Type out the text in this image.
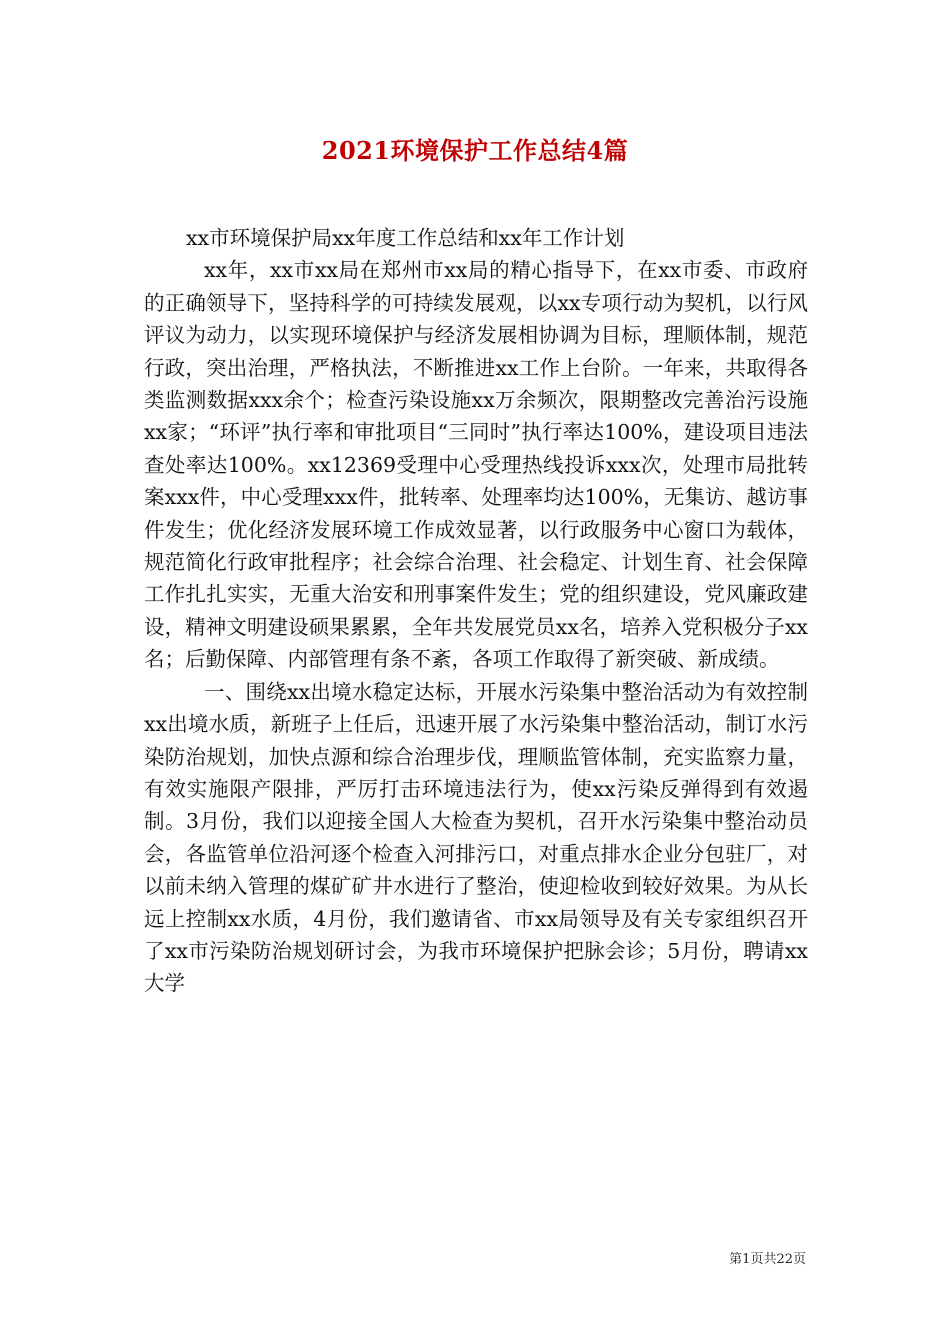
2021环境保护工作总结4篇

xx市环境保护局xx年度工作总结和xx年工作计划

xx年，xx市xx局在郑州市xx局的精心指导下，在xx市委、市政府的正确领导下，坚持科学的可持续发展观，以xx专项行动为契机，以行风评议为动力，以实现环境保护与经济发展相协调为目标，理顺体制，规范行政，突出治理，严格执法，不断推进xx工作上台阶。一年来，共取得各类监测数据xxx余个；检查污染设施xx万余频次，限期整改完善治污设施xx家；“环评”执行率和审批项目“三同时”执行率达100%，建设项目违法查处率达100%。xx12369受理中心受理热线投诉xxx次，处理市局批转案xxx件，中心受理xxx件，批转率、处理率均达100%，无集访、越访事件发生；优化经济发展环境工作成效显著，以行政服务中心窗口为载体，规范简化行政审批程序；社会综合治理、社会稳定、计划生育、社会保障工作扎扎实实，无重大治安和刑事案件发生；党的组织建设，党风廉政建设，精神文明建设硕果累累，全年共发展党员xx名，培养入党积极分子xx名；后勤保障、内部管理有条不紊，各项工作取得了新突破、新成绩。

一、围绕xx出境水稳定达标，开展水污染集中整治活动为有效控制xx出境水质，新班子上任后，迅速开展了水污染集中整治活动，制订水污染防治规划，加快点源和综合治理步伐，理顺监管体制，充实监察力量，有效实施限产限排，严厉打击环境违法行为，使xx污染反弹得到有效遏制。3月份，我们以迎接全国人大检查为契机，召开水污染集中整治动员会，各监管单位沿河逐个检查入河排污口，对重点排水企业分包驻厂，对以前未纳入管理的煤矿矿井水进行了整治，使迎检收到较好效果。为从长远上控制xx水质，4月份，我们邀请省、市xx局领导及有关专家组织召开了xx市污染防治规划研讨会，为我市环境保护把脉会诊；5月份，聘请xx大学

第1页共22页
